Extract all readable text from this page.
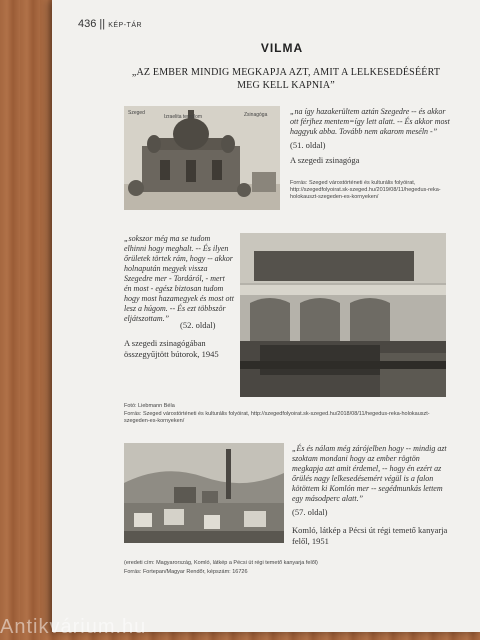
436 || KÉP-TÁR
VILMA
„AZ EMBER MINDIG MEGKAPJA AZT, AMIT A LELKESEDÉSÉÉRT MEG KELL KAPNIA”
Szeged
Izraelita templom	Zsinagóga	„na így hazakerültem aztán Szegedre -- és akkor ott férjhez mentem=így lett alatt. -- És akkor most haggyuk abba. Tovább nem akarom meséln -”
(51. oldal)
A szegedi zsinagóga
Forrás: Szeged várostörténeti és kulturális folyóirat, http://szegedfolyoirat.sk-szeged.hu/2019/08/11/hegedus-reka-holokauszt-szegeden-es-kornyeken/
„sokszor még ma se tudom elhinni hogy meghalt. -- És ilyen őrületek törtek rám, hogy -- akkor holnapután megyek vissza Szegedre mer - Tordáról, - mert én most - egész biztosan tudom hogy most hazamegyek és most ott lesz a húgom. -- És ezt többször eljátszottam.”
(52. oldal)
A szegedi zsinagógában összegyűjtött bútorok, 1945
Fotó: Liebmann Béla
Forrás: Szeged várostörténeti és kulturális folyóirat, http://szegedfolyoirat.sk-szeged.hu/2018/08/11/hegedus-reka-holokauszt-szegeden-es-kornyeken/
„És és nálam még zárójelben hogy -- mindig azt szoktam mondani hogy az ember rögtön megkapja azt amit érdemel, -- hogy én ezért az őrülés nagy lelkesedésemért végül is a falon kötöttem ki Komlón mer -- segédmunkás lettem egy másodperc alatt.”
(57. oldal)
Komló, látkép a Pécsi út régi temető kanyarja felől, 1951
(eredeti cím: Magyarország, Komló, látkép a Pécsi út régi temető kanyarja felől)
Forrás: Fortepan/Magyar Rendőr, képszám: 16726
Antikvárium.hu
